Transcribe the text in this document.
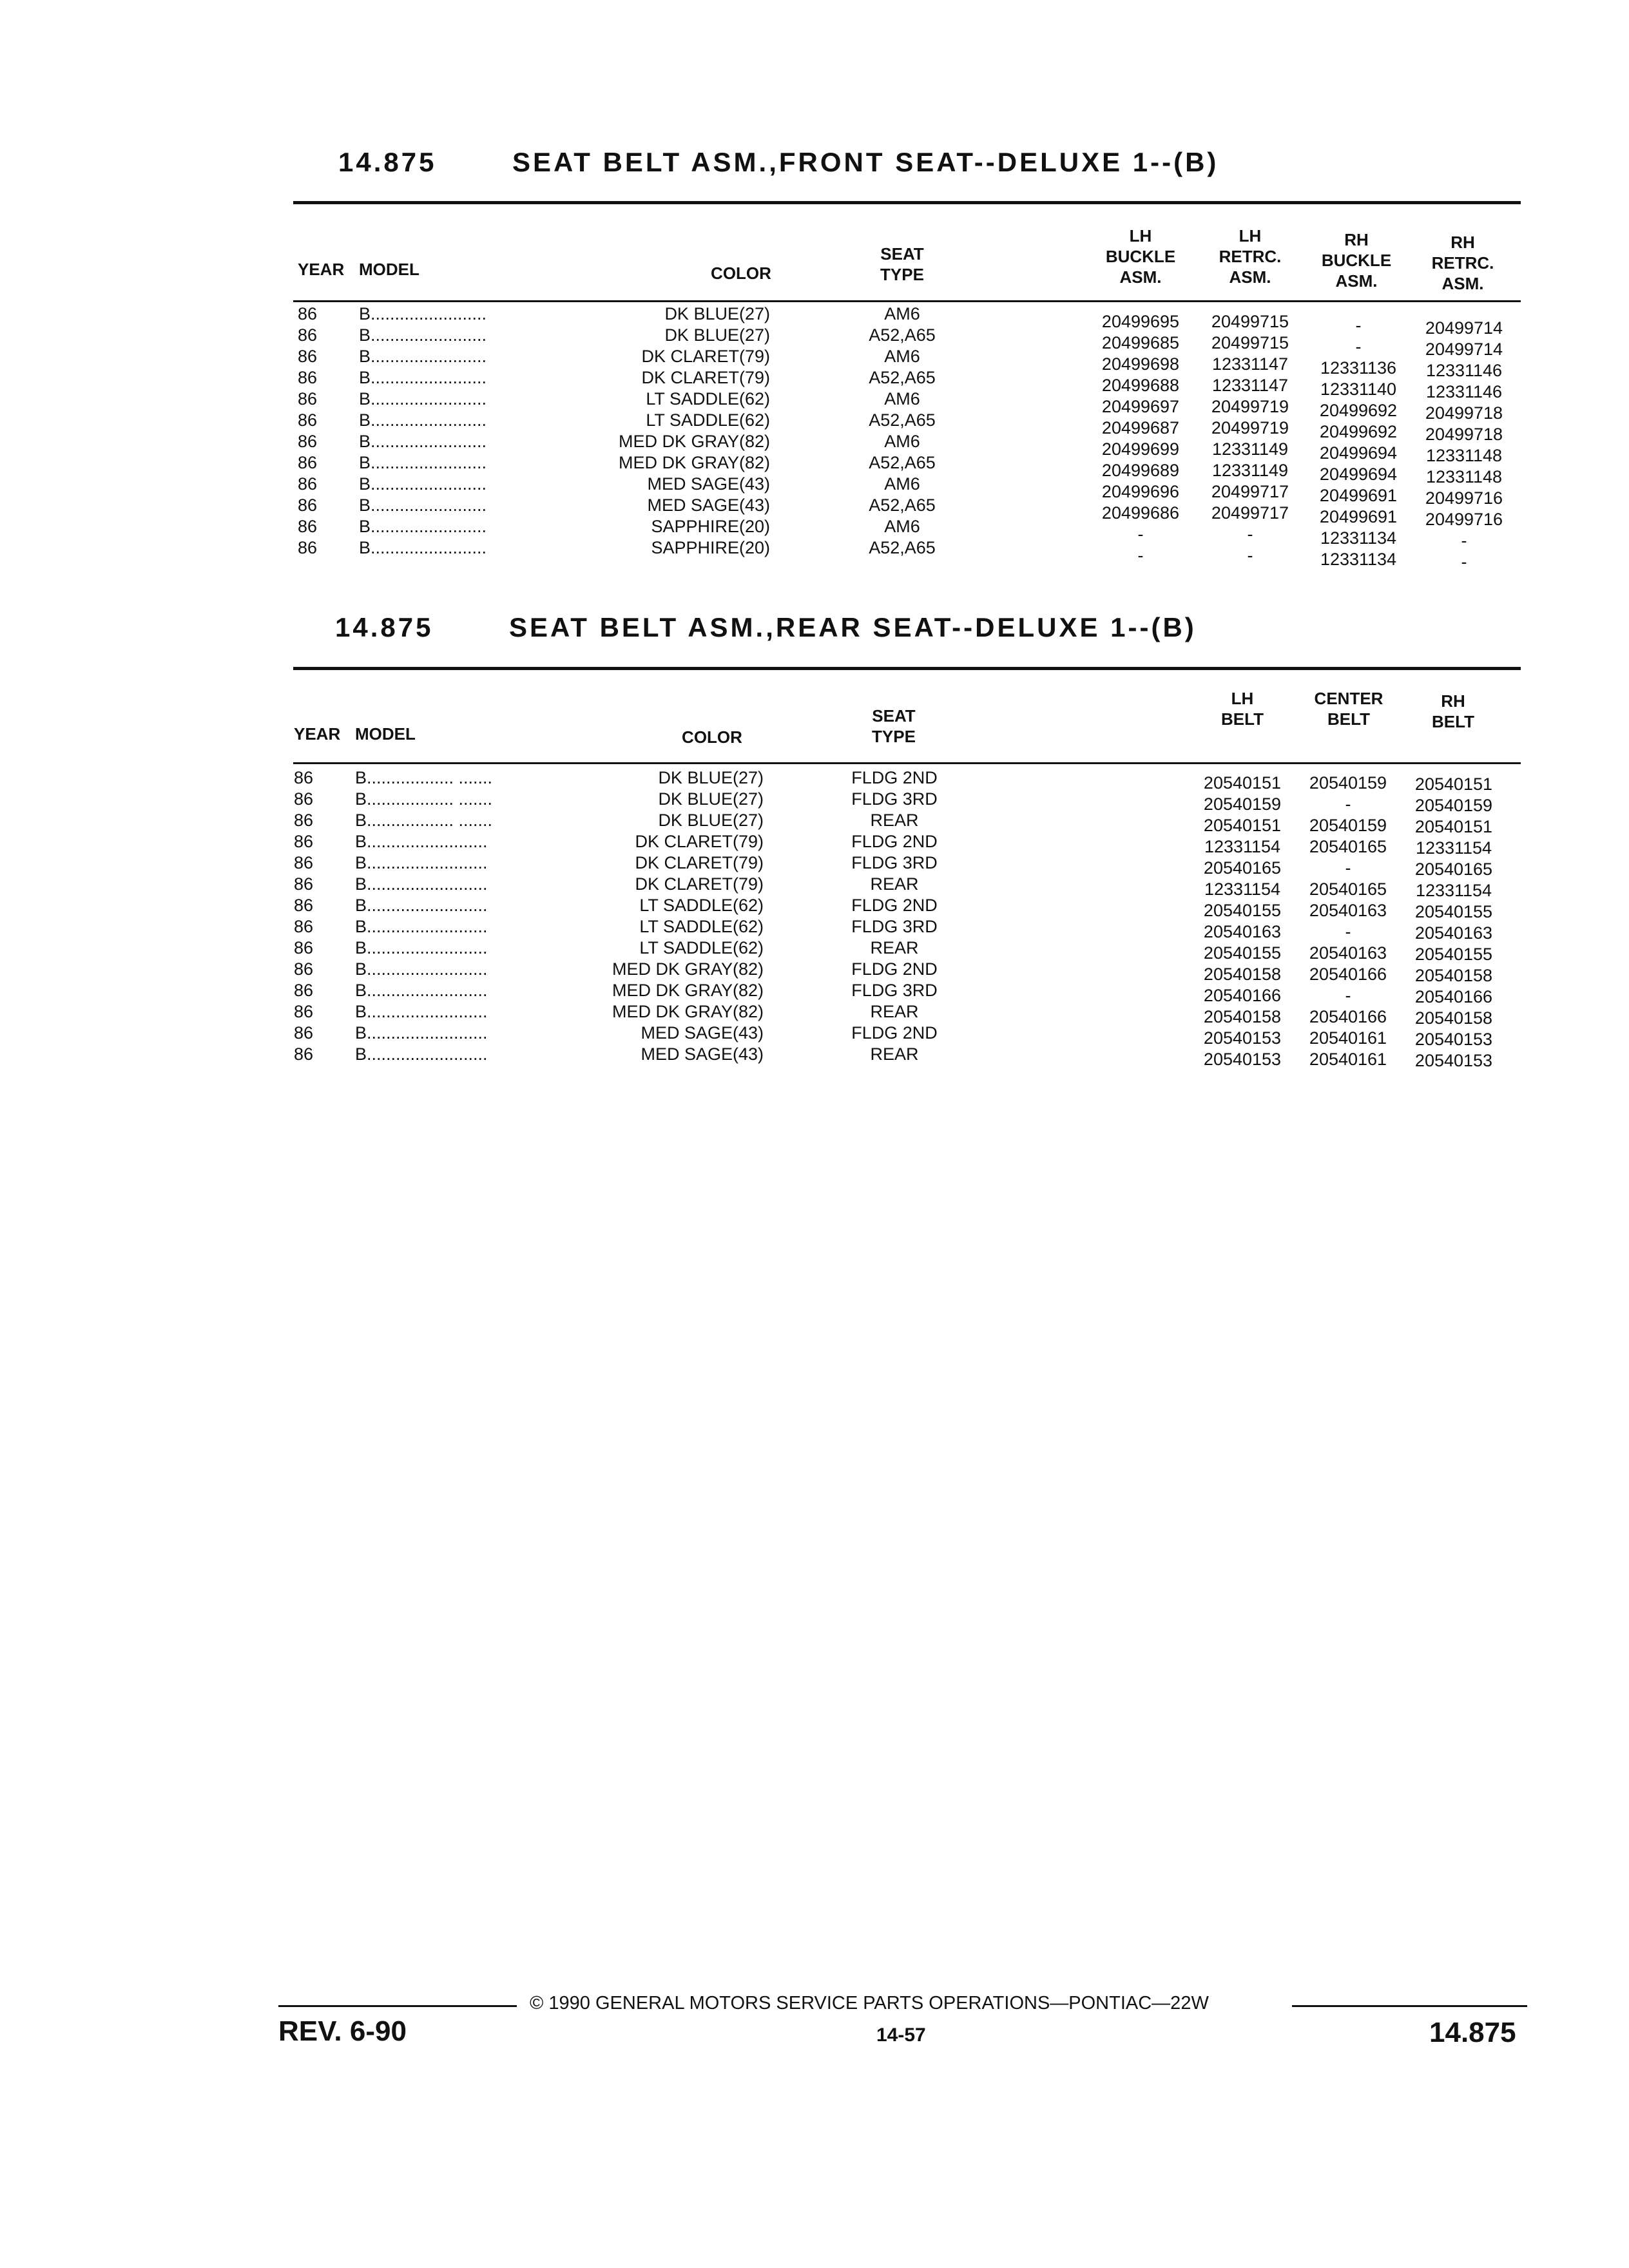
14.875	SEAT BELT ASM.,FRONT SEAT--DELUXE 1--(B)
YEAR MODEL	COLOR
SEAT
TYPE
LH
BUCKLE
ASM.
LH
RETRC.
ASM.
RH
BUCKLE
ASM.
RH
RETRC.
ASM.
86 B........................	DK BLUE(27)	AM6	20499695 20499715	-	20499714
86 B........................	DK BLUE(27)	A52,A65	20499685 20499715	-	20499714
86 B........................	DK CLARET(79)	AM6	20499698 12331147 12331136 12331146
86 B........................	DK CLARET(79)	A52,A65	20499688 12331147 12331140 12331146
86 B........................	LT SADDLE(62)	AM6	20499697 20499719 20499692 20499718
86 B........................	LT SADDLE(62)	A52,A65	20499687 20499719 20499692 20499718
86 B........................	MED DK GRAY(82)	AM6	20499699 12331149 20499694 12331148
86 B........................	MED DK GRAY(82)	A52,A65	20499689 12331149 20499694 12331148
86 B........................	MED SAGE(43)	AM6	20499696 20499717 20499691 20499716
86 B........................	MED SAGE(43)	A52,A65	20499686 20499717 20499691 20499716
86 B........................	SAPPHIRE(20)	AM6	-	-	12331134	-
86 B........................	SAPPHIRE(20)	A52,A65	-	-	12331134	-
14.875	SEAT BELT ASM.,REAR SEAT--DELUXE 1--(B)
YEAR MODEL	COLOR
SEAT
TYPE
LH
BELT
CENTER
BELT
RH
BELT
86 B.................. .......	DK BLUE(27)	FLDG 2ND	20540151 20540159 20540151
86 B.................. .......	DK BLUE(27)	FLDG 3RD	20540159	-	20540159
86 B.................. .......	DK BLUE(27)	REAR	20540151 20540159 20540151
86 B.........................	DK CLARET(79)	FLDG 2ND	12331154 20540165 12331154
86 B.........................	DK CLARET(79)	FLDG 3RD	20540165	-	20540165
86 B.........................	DK CLARET(79)	REAR	12331154 20540165 12331154
86 B.........................	LT SADDLE(62)	FLDG 2ND	20540155 20540163 20540155
86 B.........................	LT SADDLE(62)	FLDG 3RD	20540163	-	20540163
86 B.........................	LT SADDLE(62)	REAR	20540155 20540163 20540155
86 B.........................	MED DK GRAY(82)	FLDG 2ND	20540158 20540166 20540158
86 B.........................	MED DK GRAY(82)	FLDG 3RD	20540166	-	20540166
86 B.........................	MED DK GRAY(82)	REAR	20540158 20540166 20540158
86 B.........................	MED SAGE(43)	FLDG 2ND	20540153 20540161 20540153
86 B.........................	MED SAGE(43)	REAR	20540153 20540161 20540153
© 1990 GENERAL MOTORS SERVICE PARTS OPERATIONS—PONTIAC—22W
REV. 6-90	14-57	14.875
